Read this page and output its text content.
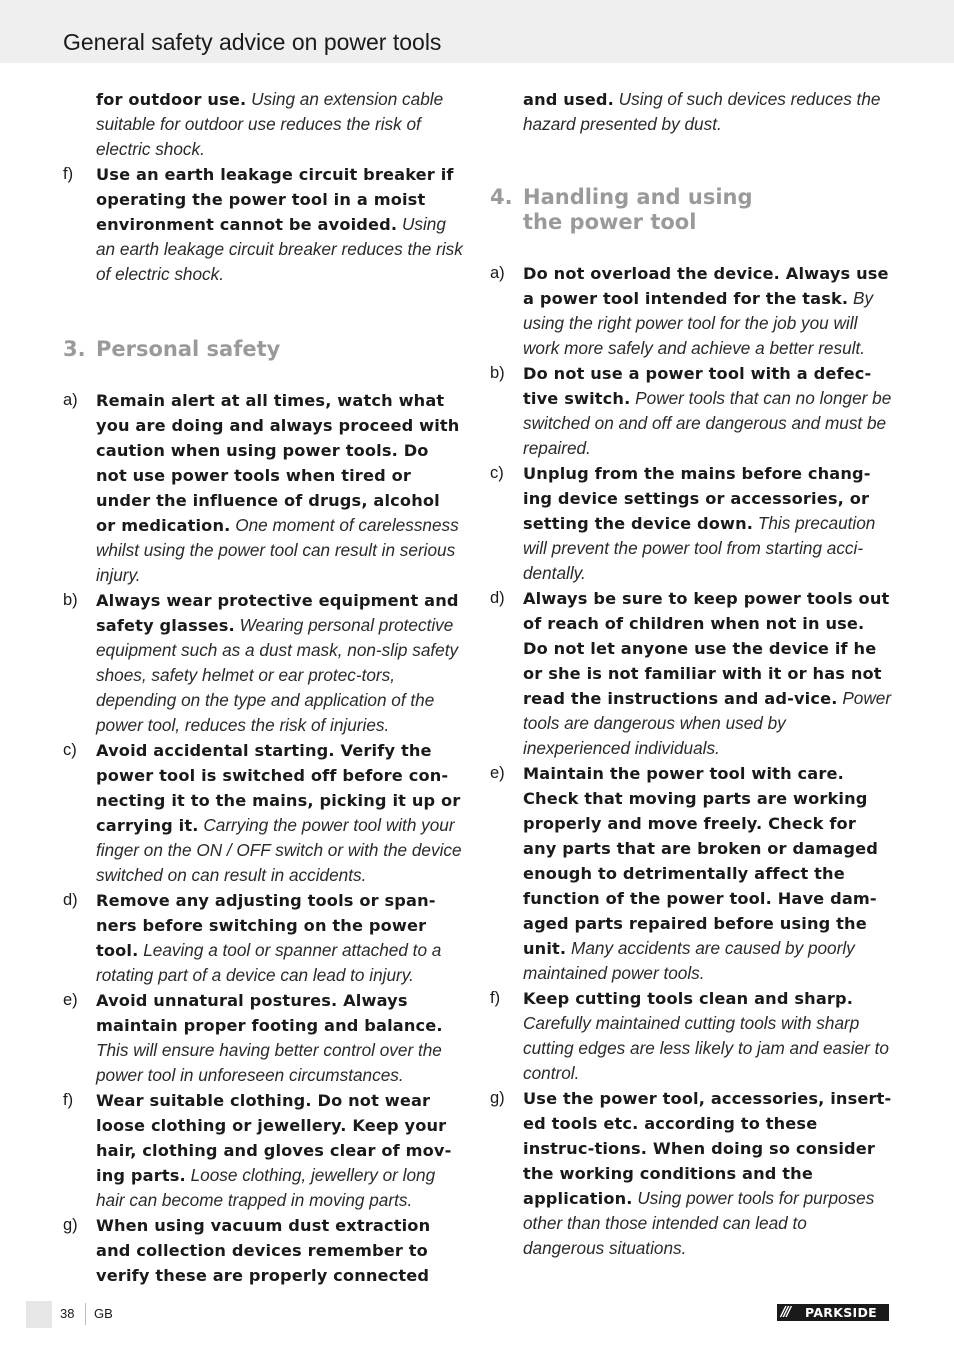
General safety advice on power tools
for outdoor use. Using an extension cable suitable for outdoor use reduces the risk of electric shock.
f) Use an earth leakage circuit breaker if operating the power tool in a moist environment cannot be avoided. Using an earth leakage circuit breaker reduces the risk of electric shock.
3. Personal safety
a) Remain alert at all times, watch what you are doing and always proceed with caution when using power tools. Do not use power tools when tired or under the influence of drugs, alcohol or medication. One moment of carelessness whilst using the power tool can result in serious injury.
b) Always wear protective equipment and safety glasses. Wearing personal protective equipment such as a dust mask, non-slip safety shoes, safety helmet or ear protec-tors, depending on the type and application of the power tool, reduces the risk of injuries.
c) Avoid accidental starting. Verify the power tool is switched off before con-necting it to the mains, picking it up or carrying it. Carrying the power tool with your finger on the ON / OFF switch or with the device switched on can result in accidents.
d) Remove any adjusting tools or span-ners before switching on the power tool. Leaving a tool or spanner attached to a rotating part of a device can lead to injury.
e) Avoid unnatural postures. Always maintain proper footing and balance. This will ensure having better control over the power tool in unforeseen circumstances.
f) Wear suitable clothing. Do not wear loose clothing or jewellery. Keep your hair, clothing and gloves clear of mov-ing parts. Loose clothing, jewellery or long hair can become trapped in moving parts.
g) When using vacuum dust extraction and collection devices remember to verify these are properly connected
and used. Using of such devices reduces the hazard presented by dust.
4. Handling and using the power tool
a) Do not overload the device. Always use a power tool intended for the task. By using the right power tool for the job you will work more safely and achieve a better result.
b) Do not use a power tool with a defec-tive switch. Power tools that can no longer be switched on and off are dangerous and must be repaired.
c) Unplug from the mains before chang-ing device settings or accessories, or setting the device down. This precaution will prevent the power tool from starting acci-dentally.
d) Always be sure to keep power tools out of reach of children when not in use. Do not let anyone use the device if he or she is not familiar with it or has not read the instructions and ad-vice. Power tools are dangerous when used by inexperienced individuals.
e) Maintain the power tool with care. Check that moving parts are working properly and move freely. Check for any parts that are broken or damaged enough to detrimentally affect the function of the power tool. Have dam-aged parts repaired before using the unit. Many accidents are caused by poorly maintained power tools.
f) Keep cutting tools clean and sharp. Carefully maintained cutting tools with sharp cutting edges are less likely to jam and easier to control.
g) Use the power tool, accessories, insert-ed tools etc. according to these instruc-tions. When doing so consider the working conditions and the application. Using power tools for purposes other than those intended can lead to dangerous situations.
38 GB	/// PARKSIDE
